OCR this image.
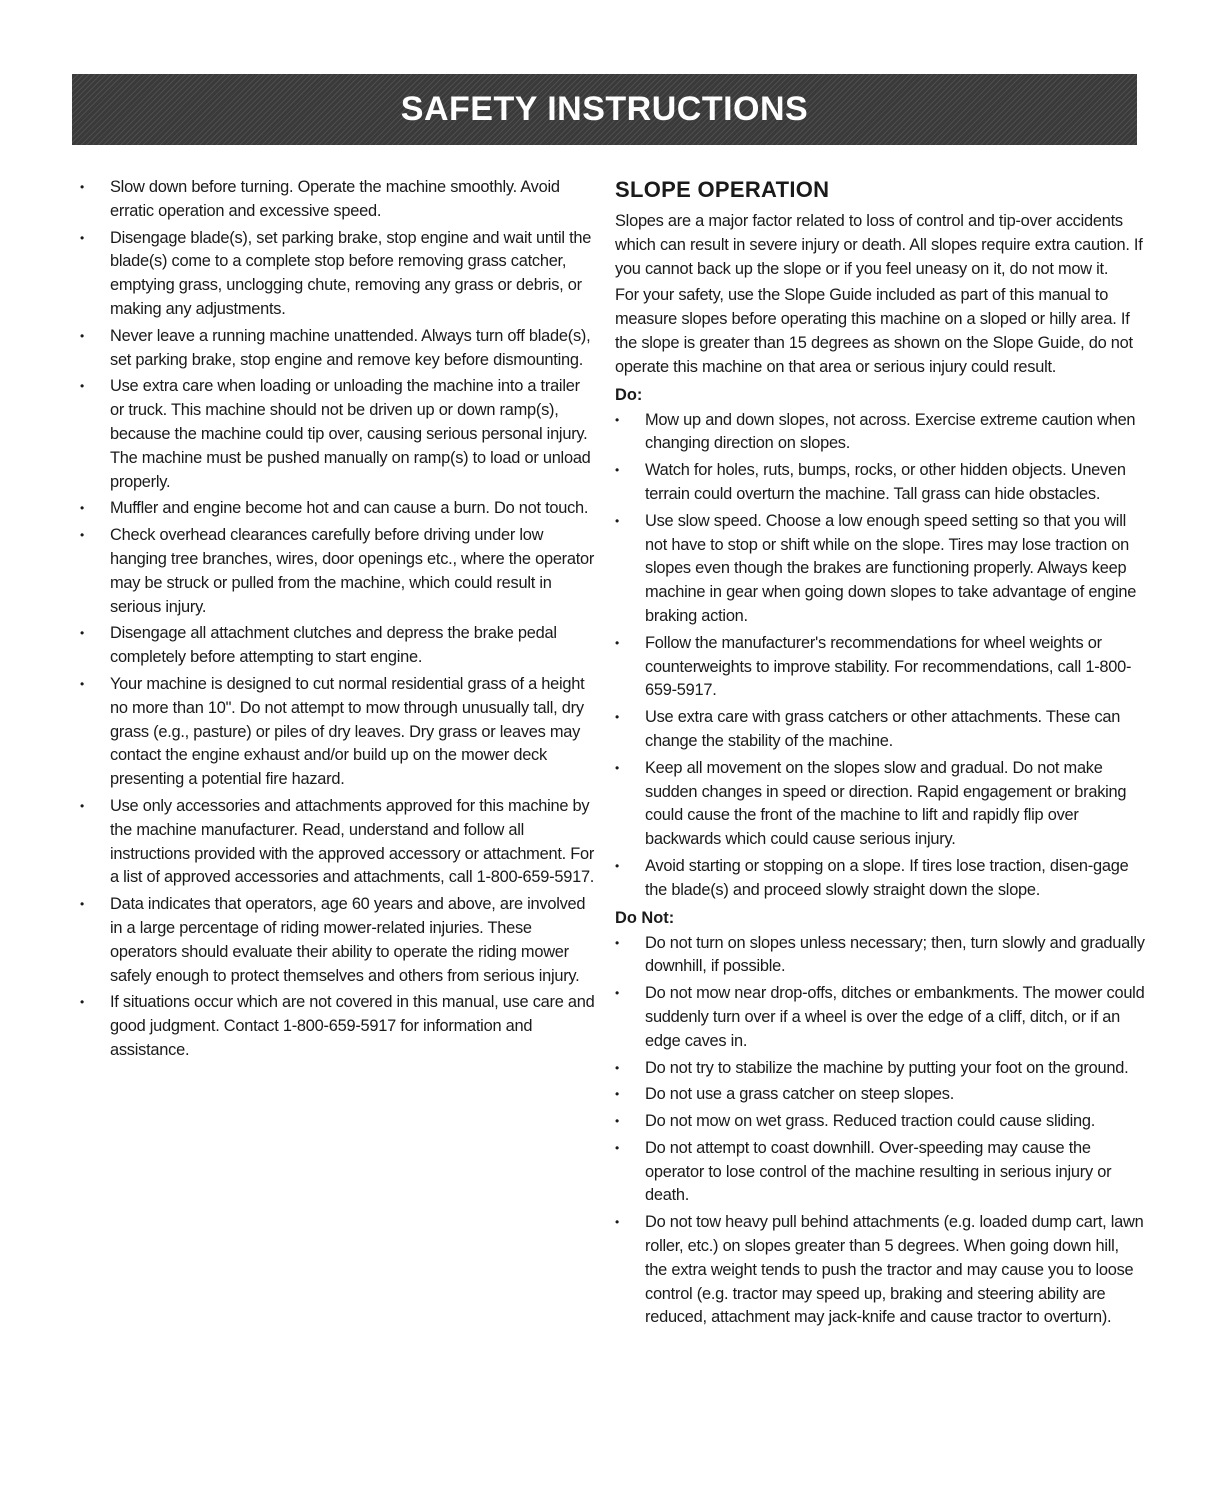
SAFETY INSTRUCTIONS
• Slow down before turning. Operate the machine smoothly. Avoid erratic operation and excessive speed.
• Disengage blade(s), set parking brake, stop engine and wait until the blade(s) come to a complete stop before removing grass catcher, emptying grass, unclogging chute, removing any grass or debris, or making any adjustments.
• Never leave a running machine unattended. Always turn off blade(s), set parking brake, stop engine and remove key before dismounting.
• Use extra care when loading or unloading the machine into a trailer or truck. This machine should not be driven up or down ramp(s), because the machine could tip over, causing serious personal injury. The machine must be pushed manually on ramp(s) to load or unload properly.
• Muffler and engine become hot and can cause a burn. Do not touch.
• Check overhead clearances carefully before driving under low hanging tree branches, wires, door openings etc., where the operator may be struck or pulled from the machine, which could result in serious injury.
• Disengage all attachment clutches and depress the brake pedal completely before attempting to start engine.
• Your machine is designed to cut normal residential grass of a height no more than 10". Do not attempt to mow through unusually tall, dry grass (e.g., pasture) or piles of dry leaves. Dry grass or leaves may contact the engine exhaust and/or build up on the mower deck presenting a potential fire hazard.
• Use only accessories and attachments approved for this machine by the machine manufacturer. Read, understand and follow all instructions provided with the approved accessory or attachment. For a list of approved accessories and attachments, call 1-800-659-5917.
• Data indicates that operators, age 60 years and above, are involved in a large percentage of riding mower-related injuries. These operators should evaluate their ability to operate the riding mower safely enough to protect themselves and others from serious injury.
• If situations occur which are not covered in this manual, use care and good judgment. Contact 1-800-659-5917 for information and assistance.
SLOPE OPERATION

Slopes are a major factor related to loss of control and tip-over accidents which can result in severe injury or death. All slopes require extra caution. If you cannot back up the slope or if you feel uneasy on it, do not mow it.

For your safety, use the Slope Guide included as part of this manual to measure slopes before operating this machine on a sloped or hilly area. If the slope is greater than 15 degrees as shown on the Slope Guide, do not operate this machine on that area or serious injury could result.

Do:
• Mow up and down slopes, not across. Exercise extreme caution when changing direction on slopes.
• Watch for holes, ruts, bumps, rocks, or other hidden objects. Uneven terrain could overturn the machine. Tall grass can hide obstacles.
• Use slow speed. Choose a low enough speed setting so that you will not have to stop or shift while on the slope. Tires may lose traction on slopes even though the brakes are functioning properly. Always keep machine in gear when going down slopes to take advantage of engine braking action.
• Follow the manufacturer's recommendations for wheel weights or counterweights to improve stability. For recommendations, call 1-800-659-5917.
• Use extra care with grass catchers or other attachments. These can change the stability of the machine.
• Keep all movement on the slopes slow and gradual. Do not make sudden changes in speed or direction. Rapid engagement or braking could cause the front of the machine to lift and rapidly flip over backwards which could cause serious injury.
• Avoid starting or stopping on a slope. If tires lose traction, disen-gage the blade(s) and proceed slowly straight down the slope.
Do Not:
• Do not turn on slopes unless necessary; then, turn slowly and gradually downhill, if possible.
• Do not mow near drop-offs, ditches or embankments. The mower could suddenly turn over if a wheel is over the edge of a cliff, ditch, or if an edge caves in.
• Do not try to stabilize the machine by putting your foot on the ground.
• Do not use a grass catcher on steep slopes.
• Do not mow on wet grass. Reduced traction could cause sliding.
• Do not attempt to coast downhill. Over-speeding may cause the operator to lose control of the machine resulting in serious injury or death.
• Do not tow heavy pull behind attachments (e.g. loaded dump cart, lawn roller, etc.) on slopes greater than 5 degrees. When going down hill, the extra weight tends to push the tractor and may cause you to loose control (e.g. tractor may speed up, braking and steering ability are reduced, attachment may jack-knife and cause tractor to overturn).
